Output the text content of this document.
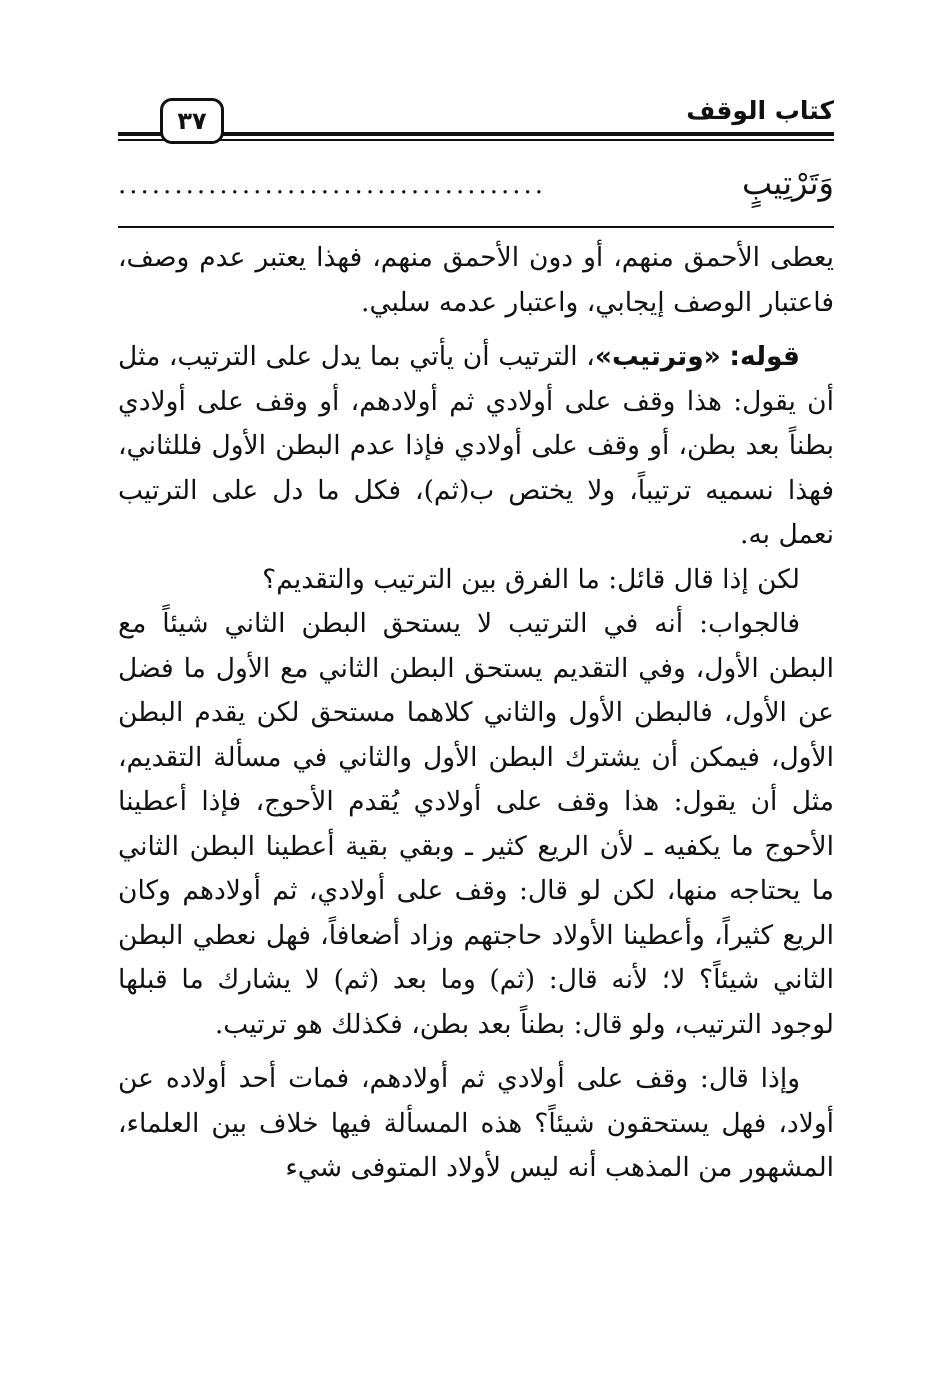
٣٧	كتاب الوقف
وَتَرْتِيبٍ
......................................

يعطى الأحمق منهم، أو دون الأحمق منهم، فهذا يعتبر عدم وصف، فاعتبار الوصف إيجابي، واعتبار عدمه سلبي.

قوله: «وترتيب»، الترتيب أن يأتي بما يدل على الترتيب، مثل أن يقول: هذا وقف على أولادي ثم أولادهم، أو وقف على أولادي بطناً بعد بطن، أو وقف على أولادي فإذا عدم البطن الأول فللثاني، فهذا نسميه ترتيباً، ولا يختص ب(ثم)، فكل ما دل على الترتيب نعمل به.

لكن إذا قال قائل: ما الفرق بين الترتيب والتقديم؟

فالجواب: أنه في الترتيب لا يستحق البطن الثاني شيئاً مع البطن الأول، وفي التقديم يستحق البطن الثاني مع الأول ما فضل عن الأول، فالبطن الأول والثاني كلاهما مستحق لكن يقدم البطن الأول، فيمكن أن يشترك البطن الأول والثاني في مسألة التقديم، مثل أن يقول: هذا وقف على أولادي يُقدم الأحوج، فإذا أعطينا الأحوج ما يكفيه ـ لأن الريع كثير ـ وبقي بقية أعطينا البطن الثاني ما يحتاجه منها، لكن لو قال: وقف على أولادي، ثم أولادهم وكان الريع كثيراً، وأعطينا الأولاد حاجتهم وزاد أضعافاً، فهل نعطي البطن الثاني شيئاً؟ لا؛ لأنه قال: (ثم) وما بعد (ثم) لا يشارك ما قبلها لوجود الترتيب، ولو قال: بطناً بعد بطن، فكذلك هو ترتيب.

وإذا قال: وقف على أولادي ثم أولادهم، فمات أحد أولاده عن أولاد، فهل يستحقون شيئاً؟ هذه المسألة فيها خلاف بين العلماء، المشهور من المذهب أنه ليس لأولاد المتوفى شيء
